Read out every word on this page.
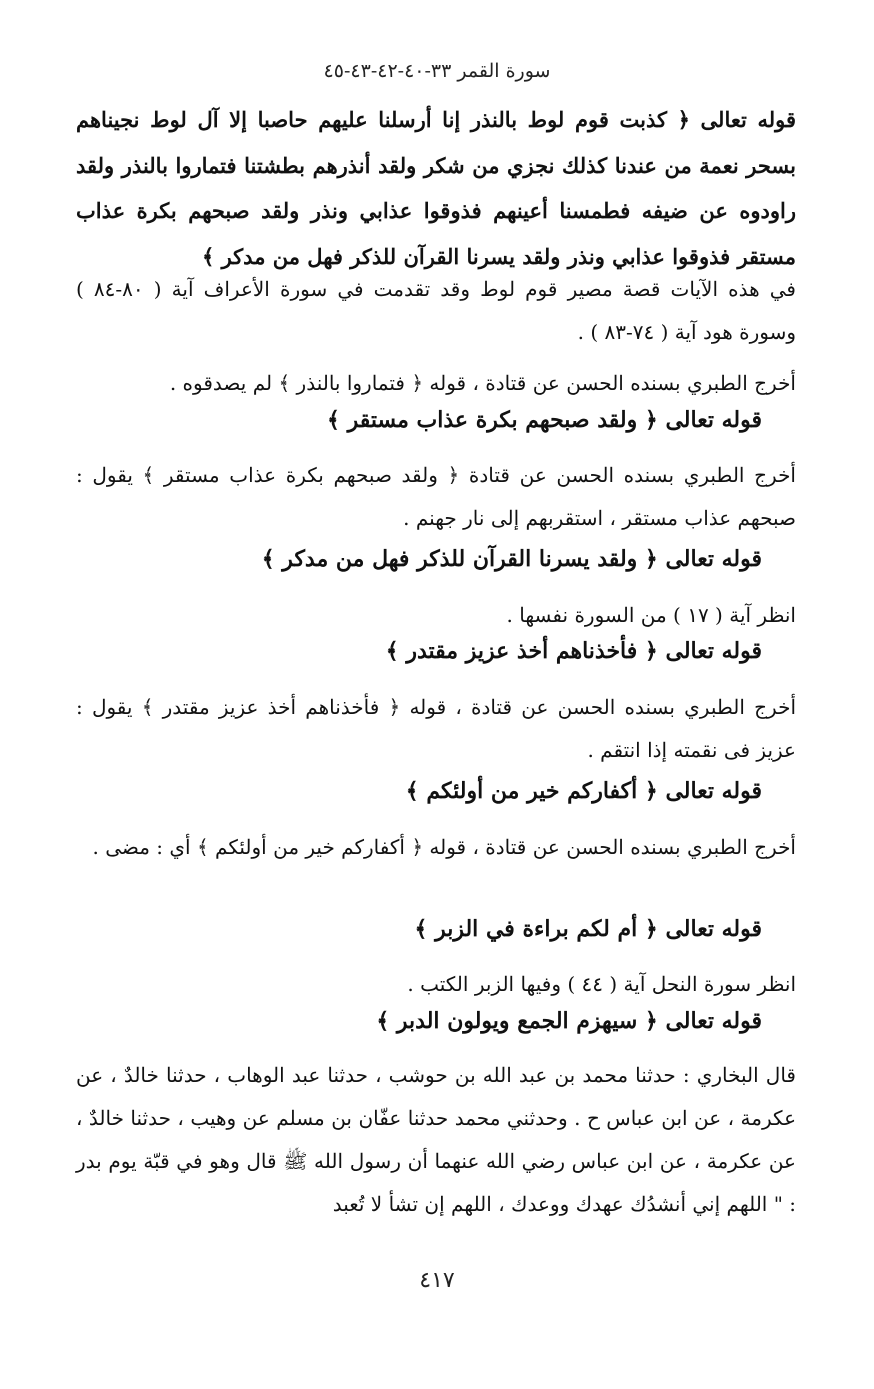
سورة القمر ٣٣-٤٠-٤٢-٤٣-٤٥
قوله تعالى ﴿ كذبت قوم لوط بالنذر إنا أرسلنا عليهم حاصبا إلا آل لوط نجيناهم بسحر نعمة من عندنا كذلك نجزي من شكر ولقد أنذرهم بطشتنا فتماروا بالنذر ولقد راودوه عن ضيفه فطمسنا أعينهم فذوقوا عذابي ونذر ولقد صبحهم بكرة عذاب مستقر فذوقوا عذابي ونذر ولقد يسرنا القرآن للذكر فهل من مدكر ﴾
في هذه الآيات قصة مصير قوم لوط وقد تقدمت في سورة الأعراف آية ( ٨٠-٨٤ ) وسورة هود آية ( ٧٤-٨٣ ) .
أخرج الطبري بسنده الحسن عن قتادة ، قوله ﴿ فتماروا بالنذر ﴾ لم يصدقوه .
قوله تعالى ﴿ ولقد صبحهم بكرة عذاب مستقر ﴾
أخرج الطبري بسنده الحسن عن قتادة ﴿ ولقد صبحهم بكرة عذاب مستقر ﴾ يقول : صبحهم عذاب مستقر ، استقربهم إلى نار جهنم .
قوله تعالى ﴿ ولقد يسرنا القرآن للذكر فهل من مدكر ﴾
انظر آية ( ١٧ ) من السورة نفسها .
قوله تعالى ﴿ فأخذناهم أخذ عزيز مقتدر ﴾
أخرج الطبري بسنده الحسن عن قتادة ، قوله ﴿ فأخذناهم أخذ عزيز مقتدر ﴾ يقول : عزيز فى نقمته إذا انتقم .
قوله تعالى ﴿ أكفاركم خير من أولئكم ﴾
أخرج الطبري بسنده الحسن عن قتادة ، قوله ﴿ أكفاركم خير من أولئكم ﴾ أي : مضى .
قوله تعالى ﴿ أم لكم براءة في الزبر ﴾
انظر سورة النحل آية ( ٤٤ ) وفيها الزبر الكتب .
قوله تعالى ﴿ سيهزم الجمع ويولون الدبر ﴾
قال البخاري : حدثنا محمد بن عبد الله بن حوشب ، حدثنا عبد الوهاب ، حدثنا خالدٌ ، عن عكرمة ، عن ابن عباس ح . وحدثني محمد حدثنا عفّان بن مسلم عن وهيب ، حدثنا خالدٌ ، عن عكرمة ، عن ابن عباس رضي الله عنهما أن رسول الله ﷺ قال وهو في قبّة يوم بدر : " اللهم إني أنشدُك عهدك ووعدك ، اللهم إن تشأ لا تُعبد
٤١٧
